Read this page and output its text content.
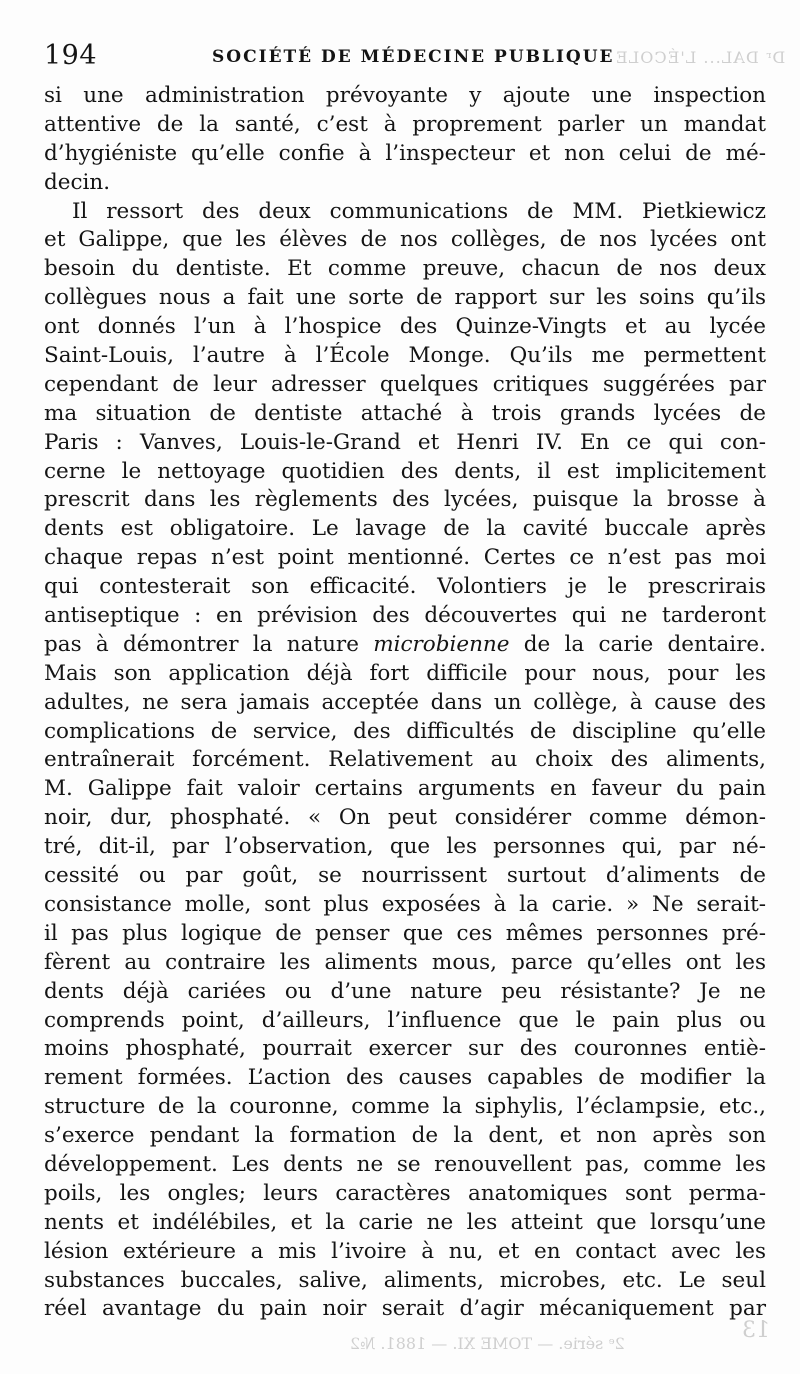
Dʳ DAL... L'ÉCOLE
194	SOCIÉTÉ DE MÉDECINE PUBLIQUE
si une administration prévoyante y ajoute une inspection
attentive de la santé, c’est à proprement parler un mandat
d’hygiéniste qu’elle confie à l’inspecteur et non celui de mé-
decin.
Il ressort des deux communications de MM. Pietkiewicz
et Galippe, que les élèves de nos collèges, de nos lycées ont
besoin du dentiste. Et comme preuve, chacun de nos deux
collègues nous a fait une sorte de rapport sur les soins qu’ils
ont donnés l’un à l’hospice des Quinze-Vingts et au lycée
Saint-Louis, l’autre à l’École Monge. Qu’ils me permettent
cependant de leur adresser quelques critiques suggérées par
ma situation de dentiste attaché à trois grands lycées de
Paris : Vanves, Louis-le-Grand et Henri IV. En ce qui con-
cerne le nettoyage quotidien des dents, il est implicitement
prescrit dans les règlements des lycées, puisque la brosse à
dents est obligatoire. Le lavage de la cavité buccale après
chaque repas n’est point mentionné. Certes ce n’est pas moi
qui contesterait son efficacité. Volontiers je le prescrirais
antiseptique : en prévision des découvertes qui ne tarderont
pas à démontrer la nature microbienne de la carie dentaire.
Mais son application déjà fort difficile pour nous, pour les
adultes, ne sera jamais acceptée dans un collège, à cause des
complications de service, des difficultés de discipline qu’elle
entraînerait forcément. Relativement au choix des aliments,
M. Galippe fait valoir certains arguments en faveur du pain
noir, dur, phosphaté. « On peut considérer comme démon-
tré, dit-il, par l’observation, que les personnes qui, par né-
cessité ou par goût, se nourrissent surtout d’aliments de
consistance molle, sont plus exposées à la carie. » Ne serait-
il pas plus logique de penser que ces mêmes personnes pré-
fèrent au contraire les aliments mous, parce qu’elles ont les
dents déjà cariées ou d’une nature peu résistante? Je ne
comprends point, d’ailleurs, l’influence que le pain plus ou
moins phosphaté, pourrait exercer sur des couronnes entiè-
rement formées. L’action des causes capables de modifier la
structure de la couronne, comme la siphylis, l’éclampsie, etc.,
s’exerce pendant la formation de la dent, et non après son
développement. Les dents ne se renouvellent pas, comme les
poils, les ongles; leurs caractères anatomiques sont perma-
nents et indélébiles, et la carie ne les atteint que lorsqu’une
lésion extérieure a mis l’ivoire à nu, et en contact avec les
substances buccales, salive, aliments, microbes, etc. Le seul
réel avantage du pain noir serait d’agir mécaniquement par
13
2ᵉ série. — TOME XI. — 1881. №2
